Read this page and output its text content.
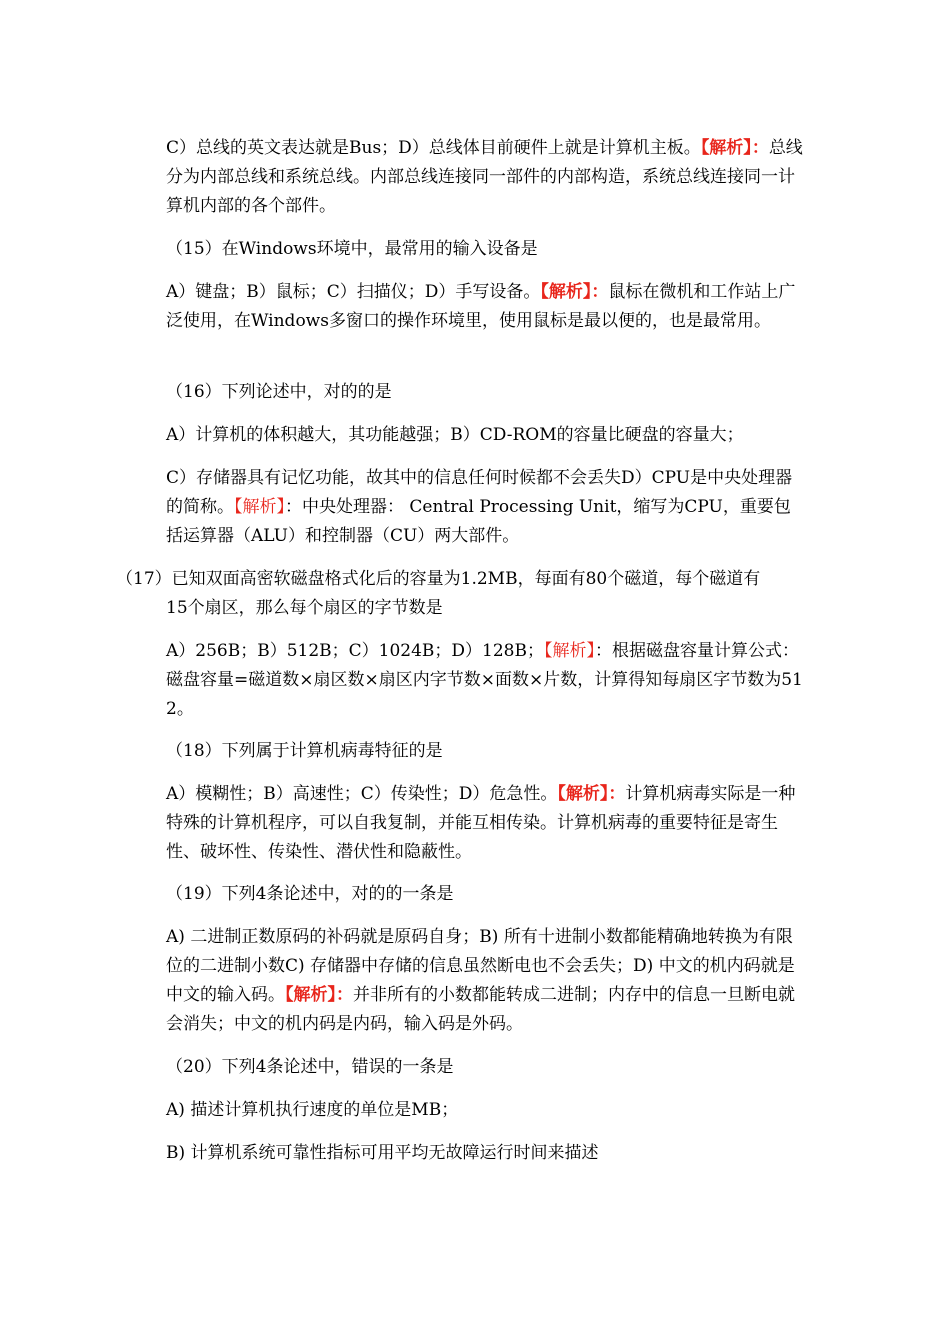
C）总线的英文表达就是Bus；D）总线体目前硬件上就是计算机主板。【解析】：总线分为内部总线和系统总线。内部总线连接同一部件的内部构造，系统总线连接同一计算机内部的各个部件。

（15）在Windows环境中，最常用的输入设备是

A）键盘；B）鼠标；C）扫描仪；D）手写设备。【解析】：鼠标在微机和工作站上广泛使用，在Windows多窗口的操作环境里，使用鼠标是最以便的，也是最常用。

（16）下列论述中，对的的是

A）计算机的体积越大，其功能越强；B）CD-ROM的容量比硬盘的容量大；

C）存储器具有记忆功能，故其中的信息任何时候都不会丢失D）CPU是中央处理器的简称。【解析】：中央处理器： Central Processing Unit，缩写为CPU，重要包括运算器（ALU）和控制器（CU）两大部件。

（17）已知双面高密软磁盘格式化后的容量为1.2MB，每面有80个磁道，每个磁道有
15个扇区，那么每个扇区的字节数是

A）256B；B）512B；C）1024B；D）128B；【解析】：根据磁盘容量计算公式：磁盘容量=磁道数×扇区数×扇区内字节数×面数×片数，计算得知每扇区字节数为512。

（18）下列属于计算机病毒特征的是

A）模糊性；B）高速性；C）传染性；D）危急性。【解析】：计算机病毒实际是一种特殊的计算机程序，可以自我复制，并能互相传染。计算机病毒的重要特征是寄生性、破坏性、传染性、潜伏性和隐蔽性。

（19）下列4条论述中，对的的一条是

A) 二进制正数原码的补码就是原码自身；B) 所有十进制小数都能精确地转换为有限位的二进制小数C) 存储器中存储的信息虽然断电也不会丢失；D) 中文的机内码就是中文的输入码。【解析】：并非所有的小数都能转成二进制；内存中的信息一旦断电就会消失；中文的机内码是内码，输入码是外码。

（20）下列4条论述中，错误的一条是

A) 描述计算机执行速度的单位是MB；

B) 计算机系统可靠性指标可用平均无故障运行时间来描述
